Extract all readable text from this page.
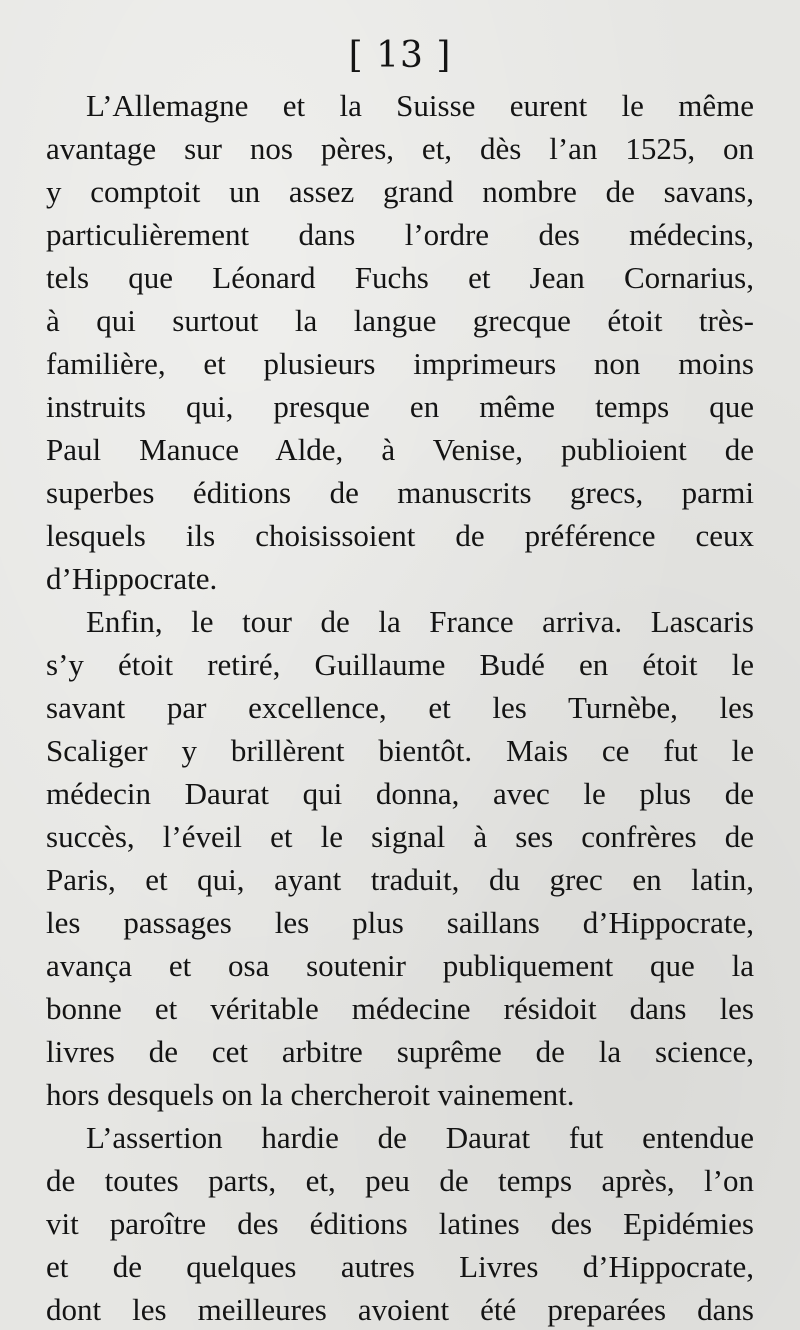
[ 13 ]
L’Allemagne et la Suisse eurent le même
avantage sur nos pères, et, dès l’an 1525, on
y comptoit un assez grand nombre de savans,
particulièrement dans l’ordre des médecins,
tels que Léonard Fuchs et Jean Cornarius,
à qui surtout la langue grecque étoit très-
familière, et plusieurs imprimeurs non moins
instruits qui, presque en même temps que
Paul Manuce Alde, à Venise, publioient de
superbes éditions de manuscrits grecs, parmi
lesquels ils choisissoient de préférence ceux
d’Hippocrate.
Enfin, le tour de la France arriva. Lascaris
s’y étoit retiré, Guillaume Budé en étoit le
savant par excellence, et les Turnèbe, les
Scaliger y brillèrent bientôt. Mais ce fut le
médecin Daurat qui donna, avec le plus de
succès, l’éveil et le signal à ses confrères de
Paris, et qui, ayant traduit, du grec en latin,
les passages les plus saillans d’Hippocrate,
avança et osa soutenir publiquement que la
bonne et véritable médecine résidoit dans les
livres de cet arbitre suprême de la science,
hors desquels on la chercheroit vainement.
L’assertion hardie de Daurat fut entendue
de toutes parts, et, peu de temps après, l’on
vit paroître des éditions latines des Epidémies
et de quelques autres Livres d’Hippocrate,
dont les meilleures avoient été preparées dans
